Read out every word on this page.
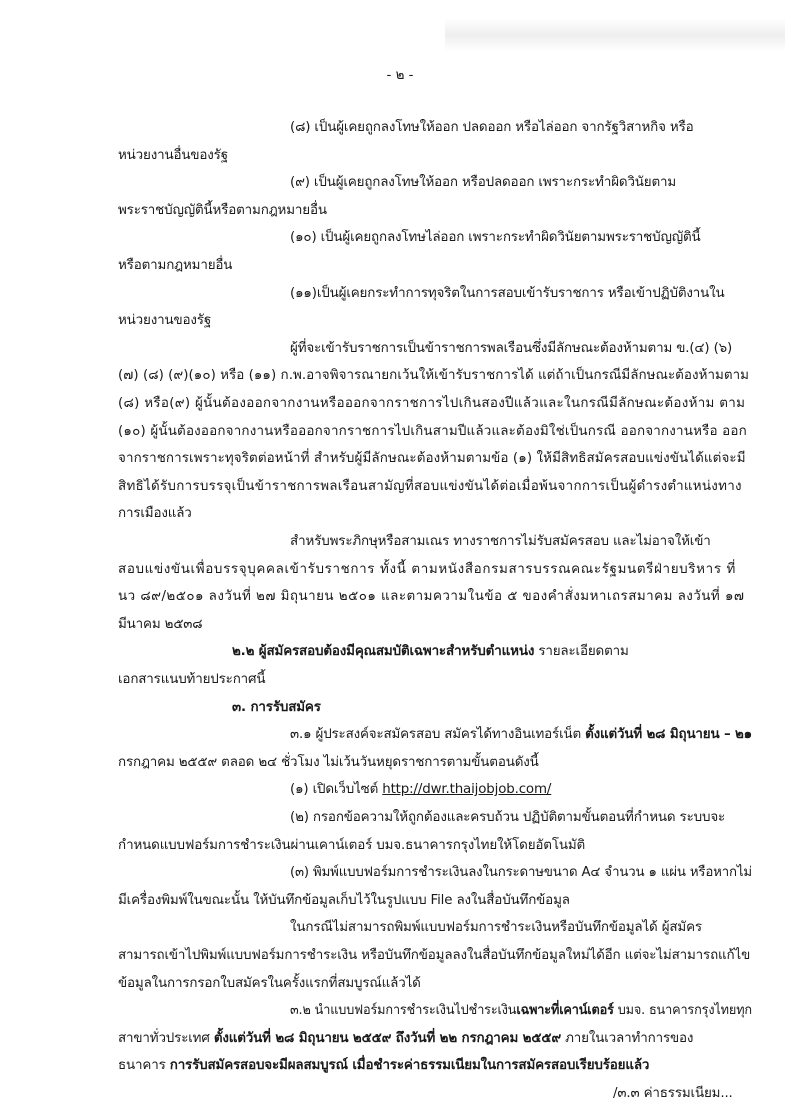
- ๒ -
(๘) เป็นผู้เคยถูกลงโทษให้ออก ปลดออก หรือไล่ออก จากรัฐวิสาหกิจ หรือ
หน่วยงานอื่นของรัฐ
(๙) เป็นผู้เคยถูกลงโทษให้ออก หรือปลดออก เพราะกระทำผิดวินัยตาม
พระราชบัญญัตินี้หรือตามกฎหมายอื่น
(๑๐) เป็นผู้เคยถูกลงโทษไล่ออก เพราะกระทำผิดวินัยตามพระราชบัญญัตินี้
หรือตามกฎหมายอื่น
(๑๑)เป็นผู้เคยกระทำการทุจริตในการสอบเข้ารับราชการ หรือเข้าปฏิบัติงานใน
หน่วยงานของรัฐ
ผู้ที่จะเข้ารับราชการเป็นข้าราชการพลเรือนซึ่งมีลักษณะต้องห้ามตาม ข.(๔) (๖)
(๗) (๘) (๙)(๑๐) หรือ (๑๑) ก.พ.อาจพิจารณายกเว้นให้เข้ารับราชการได้ แต่ถ้าเป็นกรณีมีลักษณะต้องห้ามตาม
(๘) หรือ(๙) ผู้นั้นต้องออกจากงานหรือออกจากราชการไปเกินสองปีแล้วและในกรณีมีลักษณะต้องห้าม ตาม
(๑๐) ผู้นั้นต้องออกจากงานหรือออกจากราชการไปเกินสามปีแล้วและต้องมิใช่เป็นกรณี ออกจากงานหรือ ออก
จากราชการเพราะทุจริตต่อหน้าที่ สำหรับผู้มีลักษณะต้องห้ามตามข้อ (๑) ให้มีสิทธิสมัครสอบแข่งขันได้แต่จะมี
สิทธิได้รับการบรรจุเป็นข้าราชการพลเรือนสามัญที่สอบแข่งขันได้ต่อเมื่อพ้นจากการเป็นผู้ดำรงตำแหน่งทาง
การเมืองแล้ว
สำหรับพระภิกษุหรือสามเณร ทางราชการไม่รับสมัครสอบ และไม่อาจให้เข้า
สอบแข่งขันเพื่อบรรจุบุคคลเข้ารับราชการ ทั้งนี้ ตามหนังสือกรมสารบรรณคณะรัฐมนตรีฝ่ายบริหาร ที่
นว ๘๙/๒๕๐๑ ลงวันที่ ๒๗ มิถุนายน ๒๕๐๑ และตามความในข้อ ๕ ของคำสั่งมหาเถรสมาคม ลงวันที่ ๑๗
มีนาคม ๒๕๓๘
๒.๒ ผู้สมัครสอบต้องมีคุณสมบัติเฉพาะสำหรับตำแหน่ง รายละเอียดตาม
เอกสารแนบท้ายประกาศนี้
๓. การรับสมัคร
๓.๑ ผู้ประสงค์จะสมัครสอบ สมัครได้ทางอินเทอร์เน็ต ตั้งแต่วันที่ ๒๘ มิถุนายน – ๒๑
กรกฎาคม ๒๕๕๙ ตลอด ๒๔ ชั่วโมง ไม่เว้นวันหยุดราชการตามขั้นตอนดังนี้
(๑) เปิดเว็บไซต์ http://dwr.thaijobjob.com/
(๒) กรอกข้อความให้ถูกต้องและครบถ้วน ปฏิบัติตามขั้นตอนที่กำหนด ระบบจะ
กำหนดแบบฟอร์มการชำระเงินผ่านเคาน์เตอร์ บมจ.ธนาคารกรุงไทยให้โดยอัตโนมัติ
(๓) พิมพ์แบบฟอร์มการชำระเงินลงในกระดาษขนาด A๔ จำนวน ๑ แผ่น หรือหากไม่
มีเครื่องพิมพ์ในขณะนั้น ให้บันทึกข้อมูลเก็บไว้ในรูปแบบ File ลงในสื่อบันทึกข้อมูล
ในกรณีไม่สามารถพิมพ์แบบฟอร์มการชำระเงินหรือบันทึกข้อมูลได้ ผู้สมัคร
สามารถเข้าไปพิมพ์แบบฟอร์มการชำระเงิน หรือบันทึกข้อมูลลงในสื่อบันทึกข้อมูลใหม่ได้อีก แต่จะไม่สามารถแก้ไข
ข้อมูลในการกรอกใบสมัครในครั้งแรกที่สมบูรณ์แล้วได้
๓.๒ นำแบบฟอร์มการชำระเงินไปชำระเงินเฉพาะที่เคาน์เตอร์ บมจ. ธนาคารกรุงไทยทุก
สาขาทั่วประเทศ ตั้งแต่วันที่ ๒๘ มิถุนายน ๒๕๕๙ ถึงวันที่ ๒๒ กรกฎาคม ๒๕๕๙ ภายในเวลาทำการของ
ธนาคาร การรับสมัครสอบจะมีผลสมบูรณ์ เมื่อชำระค่าธรรมเนียมในการสมัครสอบเรียบร้อยแล้ว
/๓.๓ ค่าธรรมเนียม...
